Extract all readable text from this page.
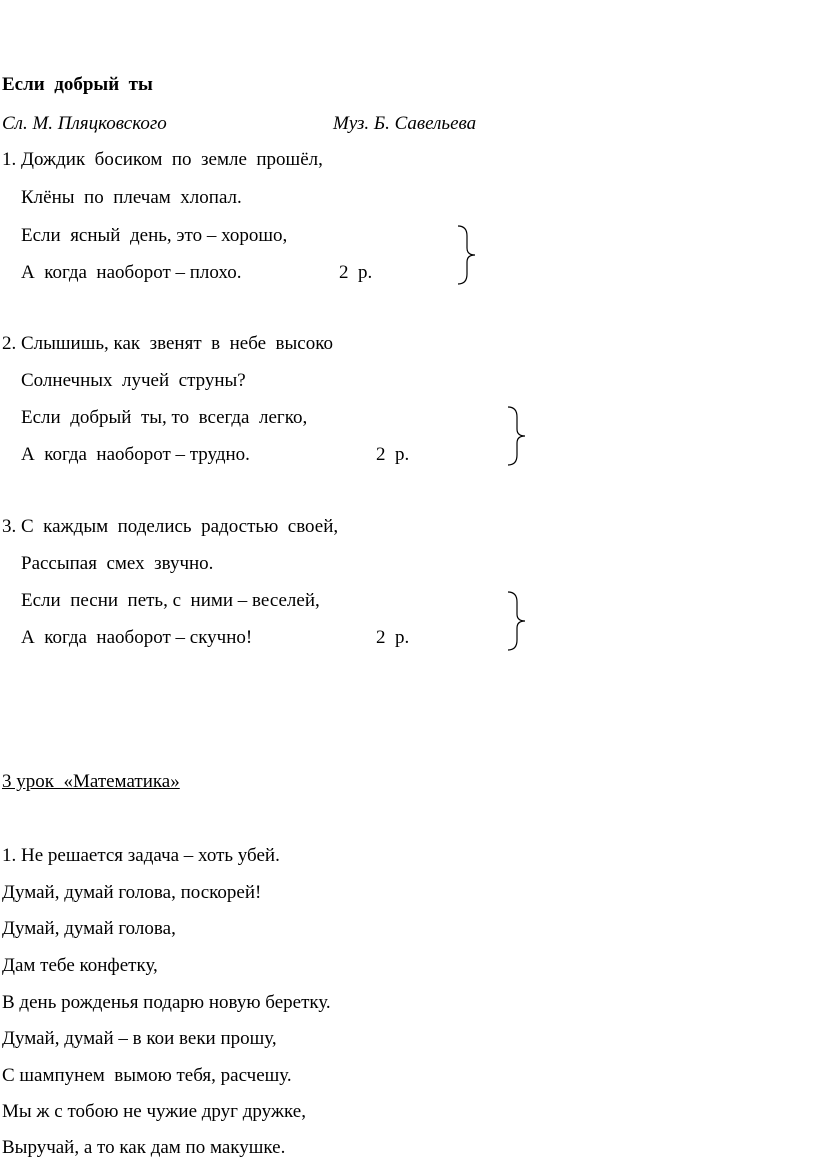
Если  добрый  ты
Сл. М. Пляцковского	Муз. Б. Савельева
1. Дождик  босиком  по  земле  прошёл,
Клёны  по  плечам  хлопал.
Если  ясный  день, это – хорошо,
А  когда  наоборот – плохо.	2  р.
2. Слышишь, как  звенят  в  небе  высоко
Солнечных  лучей  струны?
Если  добрый  ты, то  всегда  легко,
А  когда  наоборот – трудно.	2  р.
3. С  каждым  поделись  радостью  своей,
Рассыпая  смех  звучно.
Если  песни  петь, с  ними – веселей,
А  когда  наоборот – скучно!	2  р.
3 урок  «Математика»
1. Не решается задача – хоть убей.
Думай, думай голова, поскорей!
Думай, думай голова,
Дам тебе конфетку,
В день рожденья подарю новую беретку.
Думай, думай – в кои веки прошу,
С шампунем  вымою тебя, расчешу.
Мы ж с тобою не чужие друг дружке,
Выручай, а то как дам по макушке.
